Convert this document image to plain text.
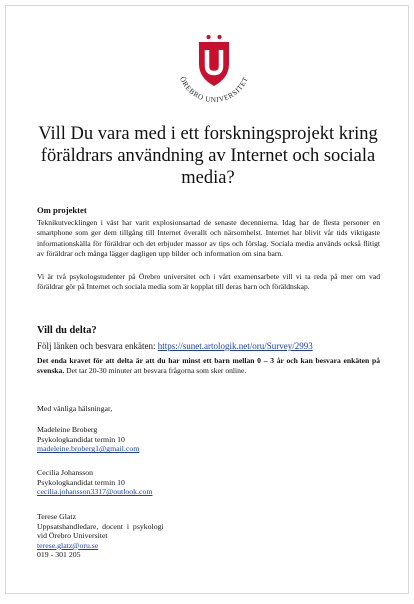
ÖREBRO UNIVERSITET
Vill Du vara med i ett forskningsprojekt kring föräldrars användning av Internet och sociala media?
Om projektet

Teknikutvecklingen i väst har varit explosionsartad de senaste decennierna. Idag har de flesta personer en smartphone som ger dem tillgång till Internet överallt och närsomhelst. Internet har blivit vår tids viktigaste informationskälla för föräldrar och det erbjuder massor av tips och förslag. Sociala media används också flitigt av föräldrar och många lägger dagligen upp bilder och information om sina barn.

Vi är två psykologstudenter på Örebro universitet och i vårt examensarbete vill vi ta reda på mer om vad föräldrar gör på Internet och sociala media som är kopplat till deras barn och föräldnskap.

Vill du delta?

Följ länken och besvara enkäten: https://sunet.artologik.net/oru/Survey/2993

Det enda kravet för att delta är att du har minst ett barn mellan 0 – 3 år och kan besvara enkäten på svenska. Det tar 20-30 minuter att besvara frågorna som sker online.

Med vänliga hälsningar,

Madeleine Broberg
Psykologkandidat termin 10
madeleine.broberg1@gmail.com
Cecilia Johansson
Psykologkandidat termin 10
cecilia.johansson3317@outlook.com
Terese Glatz
Uppsatshandledare,  docent  i  psykologi
vid Örebro Universitet
terese.glatz@oru.se
019 - 301 205
